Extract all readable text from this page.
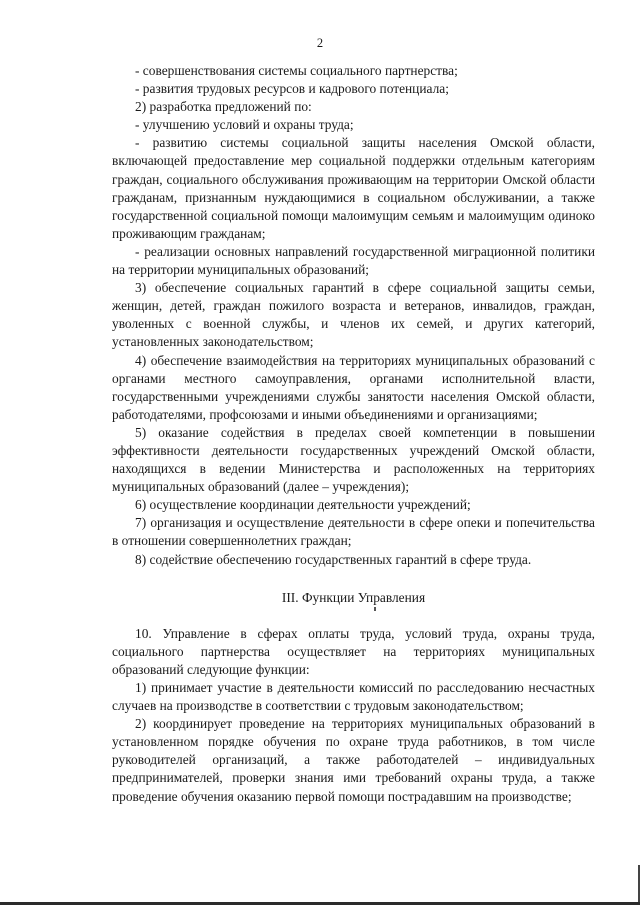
2

- совершенствования системы социального партнерства;

- развития трудовых ресурсов и кадрового потенциала;

2) разработка предложений по:

- улучшению условий и охраны труда;

- развитию системы социальной защиты населения Омской области, включающей предоставление мер социальной поддержки отдельным категориям граждан, социального обслуживания проживающим на территории Омской области гражданам, признанным нуждающимися в социальном обслуживании, а также государственной социальной помощи малоимущим семьям и малоимущим одиноко проживающим гражданам;

- реализации основных направлений государственной миграционной политики на территории муниципальных образований;

3) обеспечение социальных гарантий в сфере социальной защиты семьи, женщин, детей, граждан пожилого возраста и ветеранов, инвалидов, граждан, уволенных с военной службы, и членов их семей, и других категорий, установленных законодательством;

4) обеспечение взаимодействия на территориях муниципальных образований с органами местного самоуправления, органами исполнительной власти, государственными учреждениями службы занятости населения Омской области, работодателями, профсоюзами и иными объединениями и организациями;

5) оказание содействия в пределах своей компетенции в повышении эффективности деятельности государственных учреждений Омской области, находящихся в ведении Министерства и расположенных на территориях муниципальных образований (далее – учреждения);

6) осуществление координации деятельности учреждений;

7) организация и осуществление деятельности в сфере опеки и попечительства в отношении совершеннолетних граждан;

8) содействие обеспечению государственных гарантий в сфере труда.

III. Функции Управления

10. Управление в сферах оплаты труда, условий труда, охраны труда, социального партнерства осуществляет на территориях муниципальных образований следующие функции:

1) принимает участие в деятельности комиссий по расследованию несчастных случаев на производстве в соответствии с трудовым законодательством;

2) координирует проведение на территориях муниципальных образований в установленном порядке обучения по охране труда работников, в том числе руководителей организаций, а также работодателей – индивидуальных предпринимателей, проверки знания ими требований охраны труда, а также проведение обучения оказанию первой помощи пострадавшим на производстве;
